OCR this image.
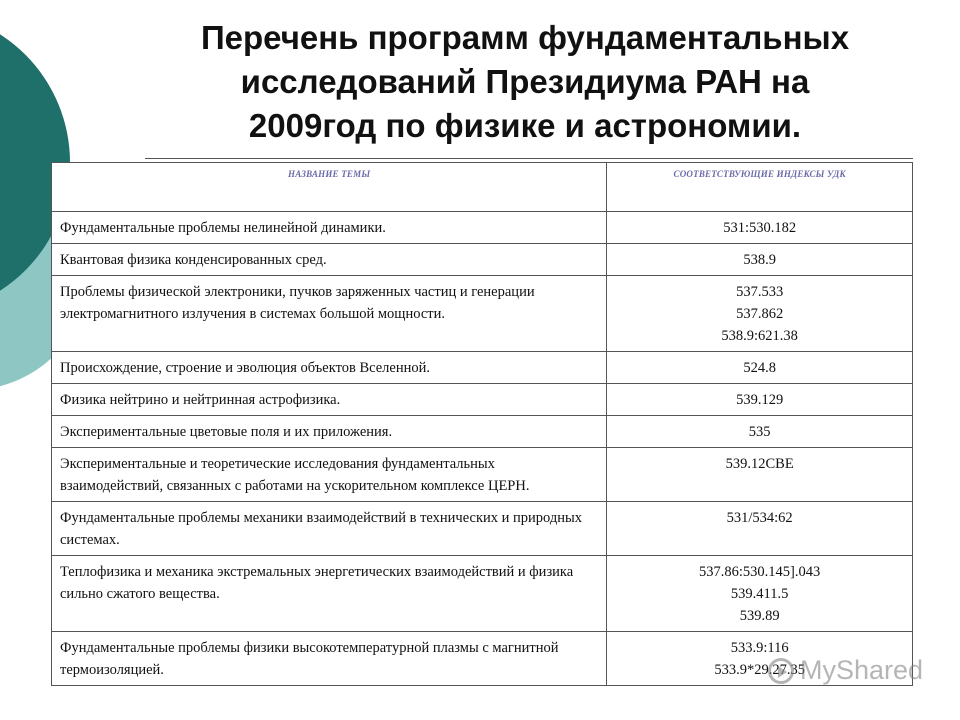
Перечень программ фундаментальных
исследований Президиума РАН на
2009год по физике и астрономии.
НАЗВАНИЕ ТЕМЫ	СООТВЕТСТВУЮЩИЕ ИНДЕКСЫ УДК
Фундаментальные проблемы нелинейной динамики.	531:530.182

Квантовая физика конденсированных сред.	538.9

Проблемы физической электроники, пучков заряженных частиц и генерации электромагнитного излучения в системах большой мощности.	537.533
537.862
538.9:621.38

Происхождение, строение и эволюция объектов Вселенной.	524.8

Физика нейтрино и нейтринная астрофизика.	539.129

Экспериментальные цветовые поля и их приложения.	535

Экспериментальные и теоретические исследования фундаментальных взаимодействий, связанных с работами на ускорительном комплексе ЦЕРН.	539.12CBE

Фундаментальные проблемы механики взаимодействий в технических и природных системах.	531/534:62

Теплофизика и механика экстремальных энергетических взаимодействий и физика сильно сжатого вещества.	537.86:530.145].043
539.411.5
539.89

Фундаментальные проблемы физики высокотемпературной плазмы с магнитной термоизоляцией.	533.9:116
533.9*29.27.35
MyShared
